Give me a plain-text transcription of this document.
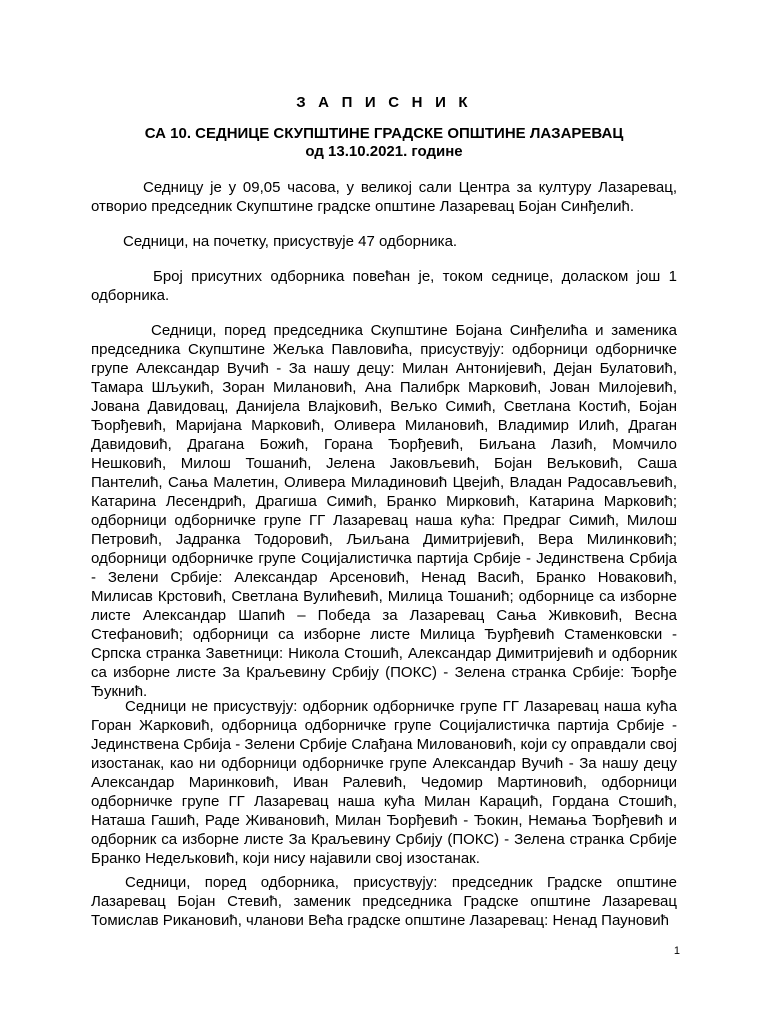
З А П И С Н И К
СА 10. СЕДНИЦЕ СКУПШТИНЕ ГРАДСКЕ ОПШТИНЕ ЛАЗАРЕВАЦ
од 13.10.2021. године

Седницу је у 09,05 часова, у великој сали Центра за културу Лазаревац, отворио председник Скупштине градске општине Лазаревац Бојан Синђелић.

Седници, на почетку, присуствује 47 одборника.

Број присутних одборника повећан је, током седнице, доласком још 1 одборника.

Седници, поред председника Скупштине Бојана Синђелића и заменика председника Скупштине Жељка Павловића, присуствују: одборници одборничке групе Александар Вучић - За нашу децу: Милан Антонијевић, Дејан Булатовић, Тамара Шљукић, Зоран Милановић, Ана Палибрк Марковић, Јован Милојевић, Јована Давидовац, Данијела Влајковић, Вељко Симић, Светлана Костић, Бојан Ђорђевић, Маријана Марковић, Оливера Милановић, Владимир Илић, Драган Давидовић, Драгана Божић, Горана Ђорђевић, Биљана Лазић, Момчило Нешковић, Милош Тошанић, Јелена Јаковљевић, Бојан Вељковић, Саша Пантелић, Сања Малетин, Оливера Миладиновић Цвејић, Владан Радосављевић, Катарина Лесендрић, Драгиша Симић, Бранко Мирковић, Катарина Марковић; одборници одборничке групе ГГ Лазаревац наша кућа: Предраг Симић, Милош Петровић, Јадранка Тодоровић, Љиљана Димитријевић, Вера Милинковић; одборници одборничке групе Социјалистичка партија Србије - Јединствена Србија - Зелени Србије: Александар Арсеновић, Ненад Васић, Бранко Новаковић, Милисав Крстовић, Светлана Вулићевић, Милица Тошанић; одборнице са изборне листе Александар Шапић – Победа за Лазаревац Сања Живковић, Весна Стефановић; одборници са изборне листе Милица Ђурђевић Стаменковски - Српска странка Заветници: Никола Стошић, Александар Димитријевић и одборник са изборне листе За Краљевину Србију (ПОКС) - Зелена странка Србије: Ђорђе Ђукнић.

Седници не присуствују: одборник одборничке групе ГГ Лазаревац наша кућа Горан Жарковић, одборница одборничке групе Социјалистичка партија Србије - Јединствена Србија - Зелени Србије Слађана Миловановић, који су оправдали свој изостанак, као ни одборници одборничке групе Александар Вучић - За нашу децу Александар Маринковић, Иван Ралевић, Чедомир Мартиновић, одборници одборничке групе ГГ Лазаревац наша кућа Милан Карацић, Гордана Стошић, Наташа Гашић, Раде Живановић, Милан Ђорђевић - Ђокин, Немања Ђорђевић и одборник са изборне листе За Краљевину Србију (ПОКС) - Зелена странка Србије Бранко Недељковић, који нису најавили свој изостанак.

Седници, поред одборника, присуствују: председник Градске општине Лазаревац Бојан Стевић, заменик председника Градске општине Лазаревац Томислав Рикановић, чланови Већа градске општине Лазаревац: Ненад Пауновић

1
